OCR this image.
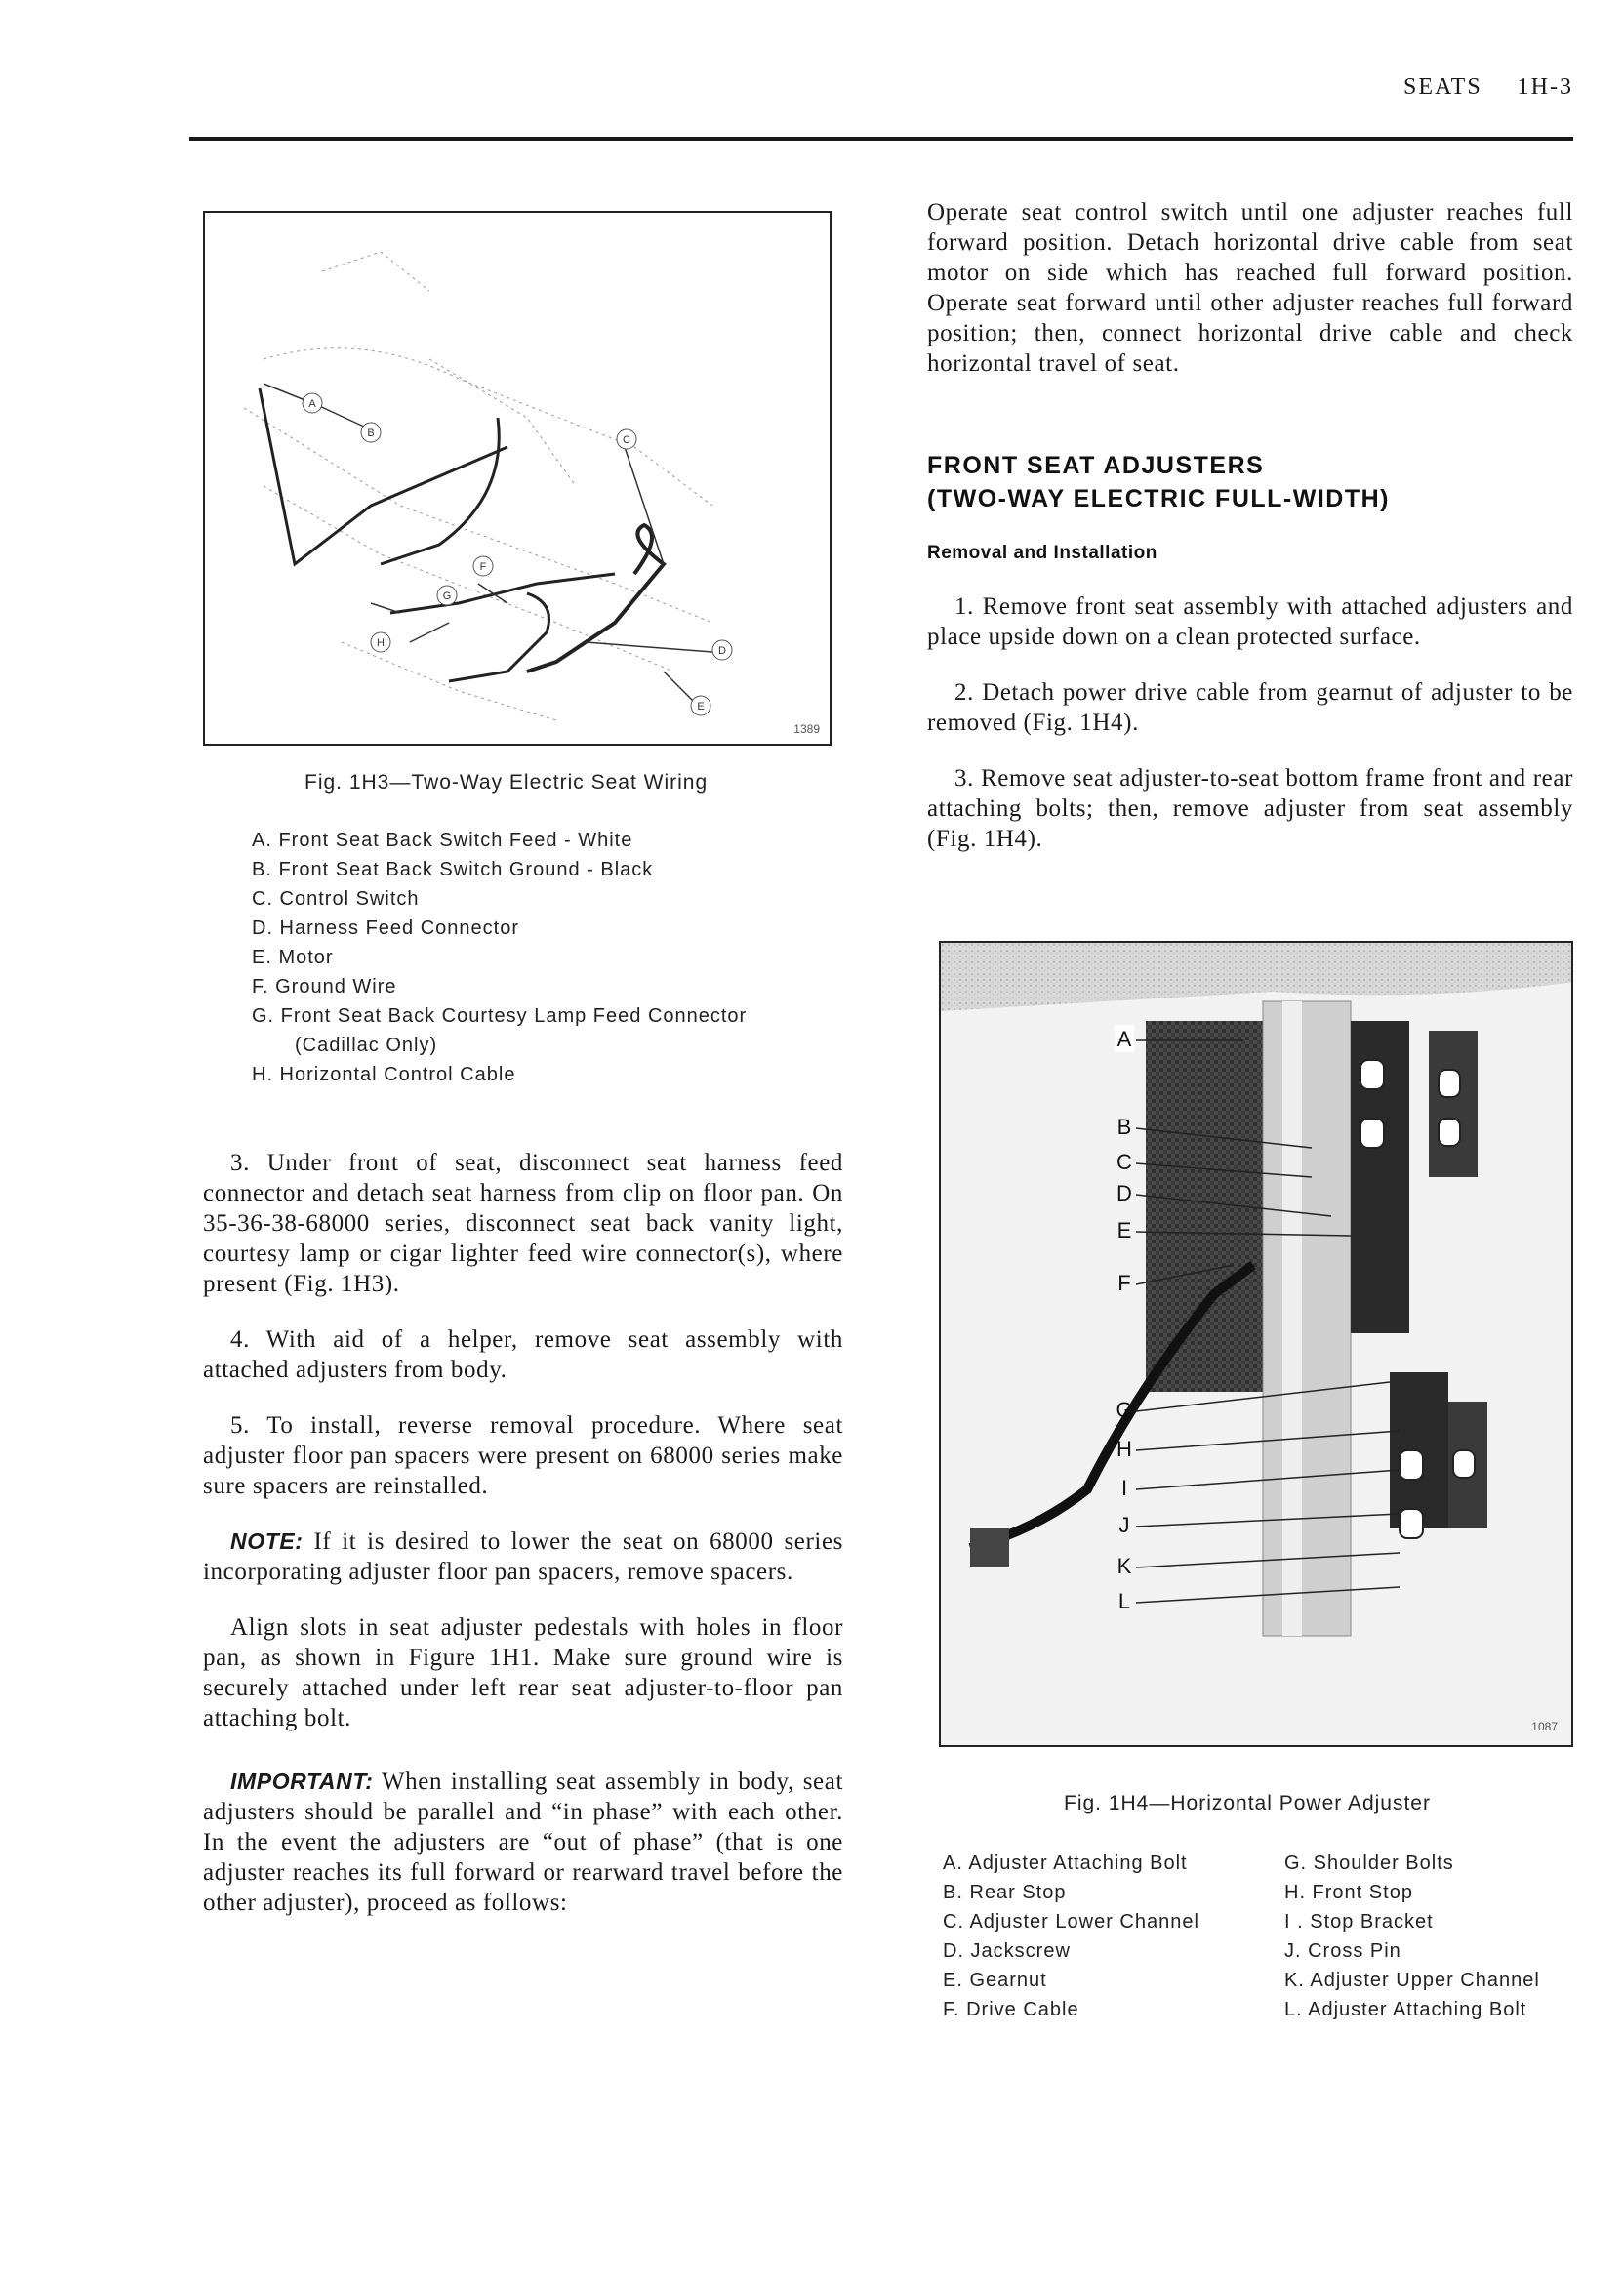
SEATS 1H-3
A
B
C
D
E
F
G
H
1389
Fig. 1H3—Two-Way Electric Seat Wiring
A. Front Seat Back Switch Feed - White
B. Front Seat Back Switch Ground - Black
C. Control Switch
D. Harness Feed Connector
E. Motor
F. Ground Wire
G. Front Seat Back Courtesy Lamp Feed Connector
(Cadillac Only)
H. Horizontal Control Cable

3. Under front of seat, disconnect seat harness feed connector and detach seat harness from clip on floor pan. On 35-36-38-68000 series, disconnect seat back vanity light, courtesy lamp or cigar lighter feed wire connector(s), where present (Fig. 1H3).

4. With aid of a helper, remove seat assembly with attached adjusters from body.

5. To install, reverse removal procedure. Where seat adjuster floor pan spacers were present on 68000 series make sure spacers are reinstalled.

NOTE: If it is desired to lower the seat on 68000 series incorporating adjuster floor pan spacers, remove spacers.

Align slots in seat adjuster pedestals with holes in floor pan, as shown in Figure 1H1. Make sure ground wire is securely attached under left rear seat adjuster-to-floor pan attaching bolt.

IMPORTANT: When installing seat assembly in body, seat adjusters should be parallel and “in phase” with each other. In the event the adjusters are “out of phase” (that is one adjuster reaches its full forward or rearward travel before the other adjuster), proceed as follows:

Operate seat control switch until one adjuster reaches full forward position. Detach horizontal drive cable from seat motor on side which has reached full forward position. Operate seat forward until other adjuster reaches full forward position; then, connect horizontal drive cable and check horizontal travel of seat.
FRONT SEAT ADJUSTERS
(TWO-WAY ELECTRIC FULL-WIDTH)
Removal and Installation

1. Remove front seat assembly with attached adjusters and place upside down on a clean protected surface.

2. Detach power drive cable from gearnut of adjuster to be removed (Fig. 1H4).

3. Remove seat adjuster-to-seat bottom frame front and rear attaching bolts; then, remove adjuster from seat assembly (Fig. 1H4).

A
B
C
D
E
F
G
H
I
J
K
L
1087
Fig. 1H4—Horizontal Power Adjuster
A. Adjuster Attaching Bolt
B. Rear Stop
C. Adjuster Lower Channel
D. Jackscrew
E. Gearnut
F. Drive Cable
G. Shoulder Bolts
H. Front Stop
I . Stop Bracket
J. Cross Pin
K. Adjuster Upper Channel
L. Adjuster Attaching Bolt
